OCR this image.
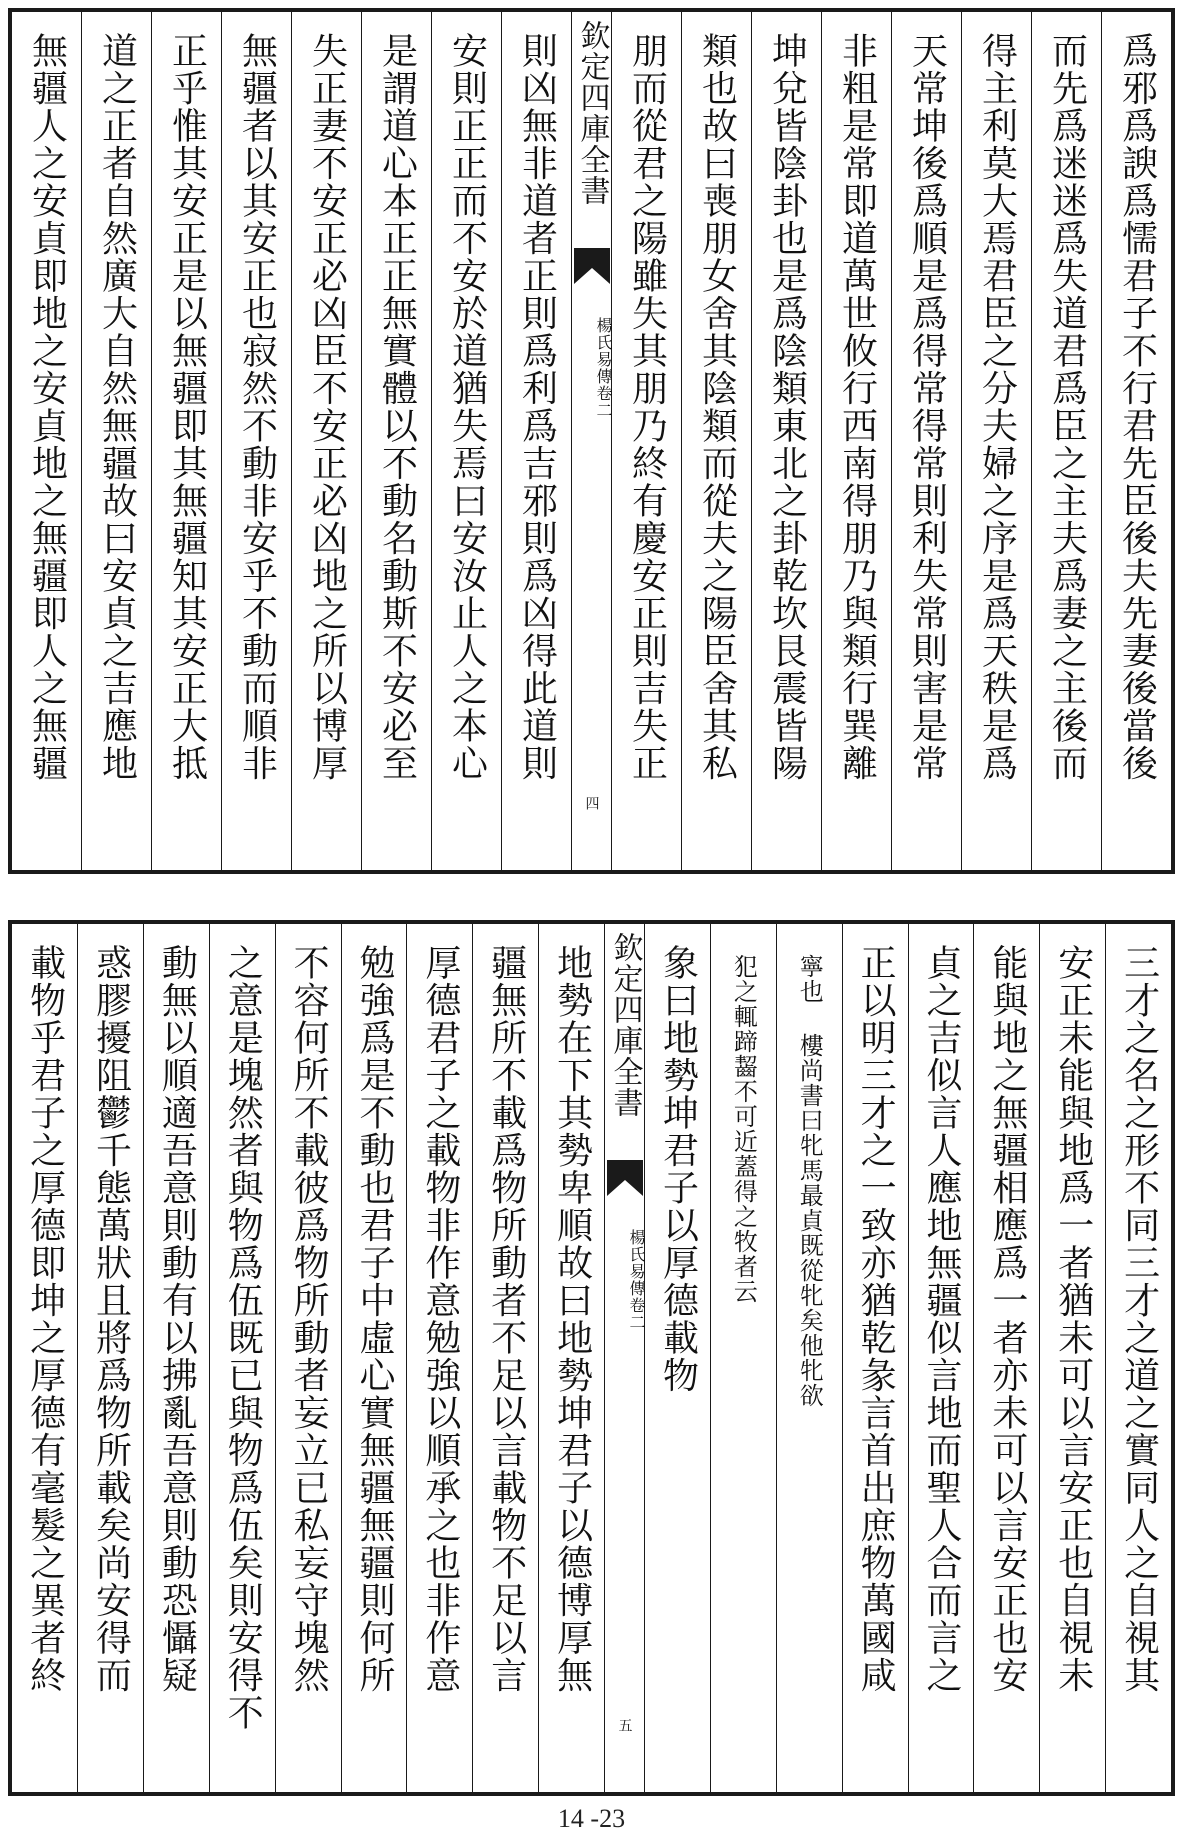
爲邪爲諛爲懦君子不行君先臣後夫先妻後當後
而先爲迷迷爲失道君爲臣之主夫爲妻之主後而
得主利莫大焉君臣之分夫婦之序是爲天秩是爲
天常坤後爲順是爲得常得常則利失常則害是常
非粗是常即道萬世攸行西南得朋乃與類行巽離
坤兌皆陰卦也是爲陰類東北之卦乾坎艮震皆陽
類也故曰喪朋女舍其陰類而從夫之陽臣舍其私
朋而從君之陽雖失其朋乃終有慶安正則吉失正
欽定四庫全書
楊氏易傳
卷二
四
則凶無非道者正則爲利爲吉邪則爲凶得此道則
安則正正而不安於道猶失焉曰安汝止人之本心
是謂道心本正正無實體以不動名動斯不安必至
失正妻不安正必凶臣不安正必凶地之所以博厚
無疆者以其安正也寂然不動非安乎不動而順非
正乎惟其安正是以無疆即其無疆知其安正大抵
道之正者自然廣大自然無疆故曰安貞之吉應地
無疆人之安貞即地之安貞地之無疆即人之無疆
三才之名之形不同三才之道之實同人之自視其
安正未能與地爲一者猶未可以言安正也自視未
能與地之無疆相應爲一者亦未可以言安正也安
貞之吉似言人應地無疆似言地而聖人合而言之
正以明三才之一致亦猶乾彖言首出庶物萬國咸
寧也 樓尚書曰牝馬最貞既從牝矣他牝欲
犯之輒蹄齧不可近蓋得之牧者云
象曰地勢坤君子以厚德載物
欽定四庫全書
楊氏易傳
卷二
五
地勢在下其勢卑順故曰地勢坤君子以德博厚無
疆無所不載爲物所動者不足以言載物不足以言
厚德君子之載物非作意勉強以順承之也非作意
勉強爲是不動也君子中虛心實無疆無疆則何所
不容何所不載彼爲物所動者妄立已私妄守塊然
之意是塊然者與物爲伍既已與物爲伍矣則安得不
動無以順適吾意則動有以拂亂吾意則動恐懾疑
惑膠擾阻鬱千態萬狀且將爲物所載矣尚安得而
載物乎君子之厚德即坤之厚德有毫髮之異者終
14 -23
